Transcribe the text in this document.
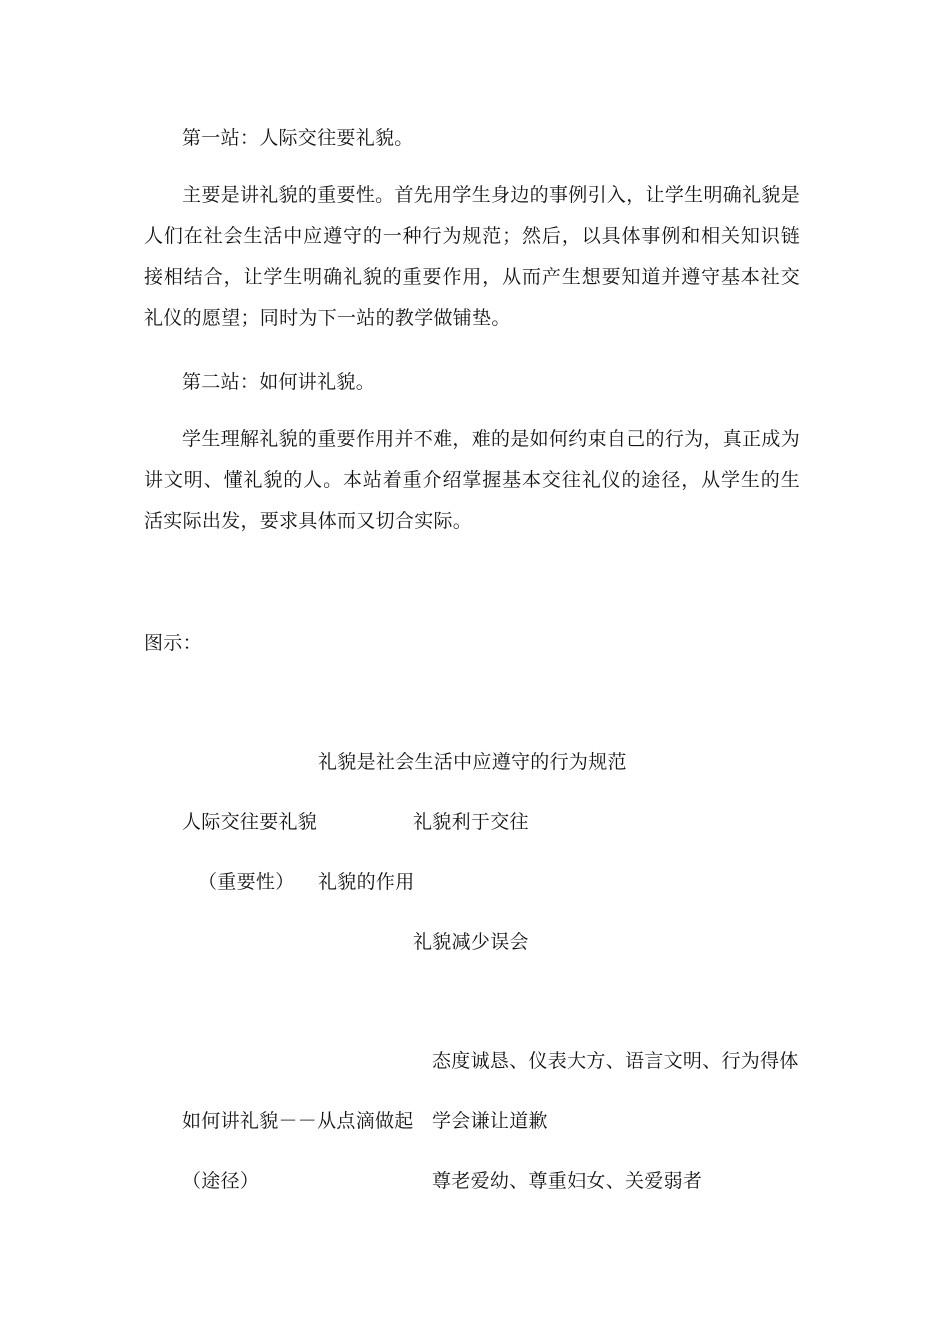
第一站：人际交往要礼貌。

主要是讲礼貌的重要性。首先用学生身边的事例引入，让学生明确礼貌是人们在社会生活中应遵守的一种行为规范；然后，以具体事例和相关知识链接相结合，让学生明确礼貌的重要作用，从而产生想要知道并遵守基本社交礼仪的愿望；同时为下一站的教学做铺垫。

第二站：如何讲礼貌。

学生理解礼貌的重要作用并不难，难的是如何约束自己的行为，真正成为讲文明、懂礼貌的人。本站着重介绍掌握基本交往礼仪的途径，从学生的生活实际出发，要求具体而又切合实际。

图示：
礼貌是社会生活中应遵守的行为规范
人际交往要礼貌	礼貌利于交往
（重要性） 礼貌的作用
礼貌减少误会
态度诚恳、仪表大方、语言文明、行为得体
如何讲礼貌－－从点滴做起 学会谦让道歉
（途径）	尊老爱幼、尊重妇女、关爱弱者
